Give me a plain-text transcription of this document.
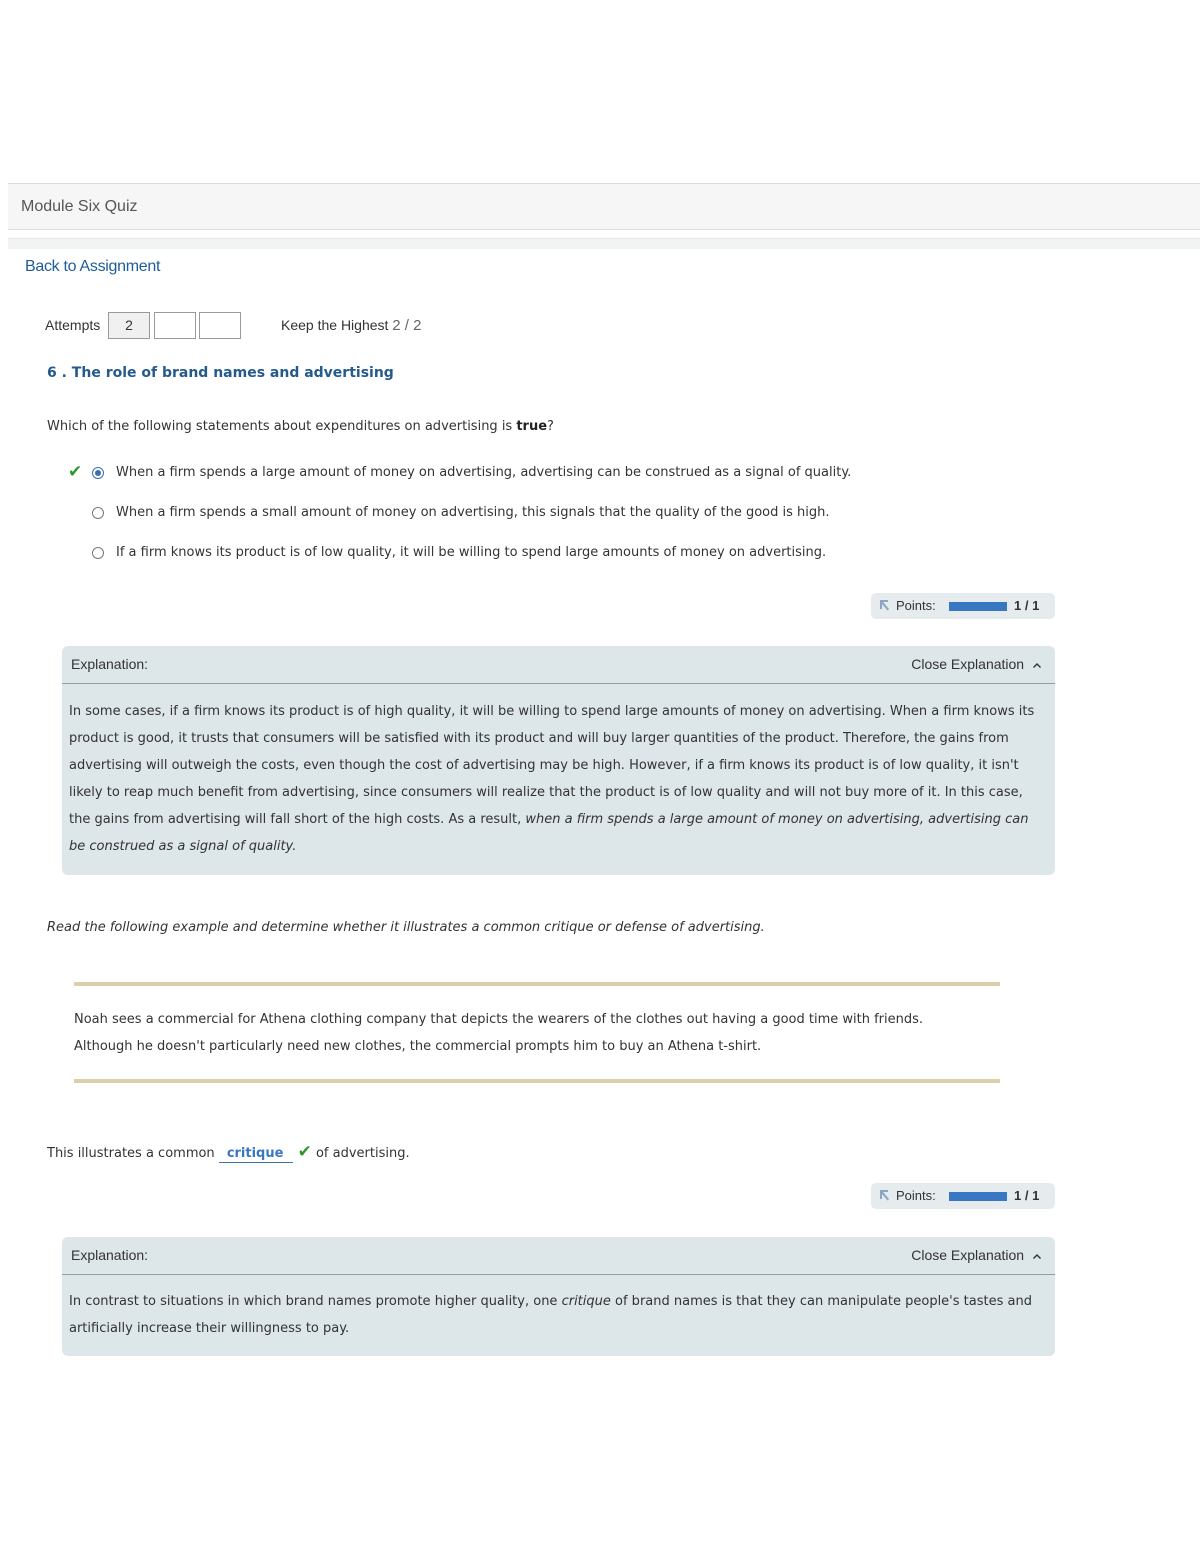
Module Six Quiz
Back to Assignment
Attempts	2	Keep the Highest 2 / 2
6 . The role of brand names and advertising
Which of the following statements about expenditures on advertising is true?
✔	When a firm spends a large amount of money on advertising, advertising can be construed as a signal of quality.
When a firm spends a small amount of money on advertising, this signals that the quality of the good is high.
If a firm knows its product is of low quality, it will be willing to spend large amounts of money on advertising.
Points:	1 / 1
Explanation:	Close Explanation
In some cases, if a firm knows its product is of high quality, it will be willing to spend large amounts of money on advertising. When a firm knows its product is good, it trusts that consumers will be satisfied with its product and will buy larger quantities of the product. Therefore, the gains from advertising will outweigh the costs, even though the cost of advertising may be high. However, if a firm knows its product is of low quality, it isn't likely to reap much benefit from advertising, since consumers will realize that the product is of low quality and will not buy more of it. In this case, the gains from advertising will fall short of the high costs. As a result, when a firm spends a large amount of money on advertising, advertising can be construed as a signal of quality.
Read the following example and determine whether it illustrates a common critique or defense of advertising.
Noah sees a commercial for Athena clothing company that depicts the wearers of the clothes out having a good time with friends. Although he doesn't particularly need new clothes, the commercial prompts him to buy an Athena t-shirt.
This illustrates a common critique ✔ of advertising.
Points:	1 / 1
Explanation:	Close Explanation
In contrast to situations in which brand names promote higher quality, one critique of brand names is that they can manipulate people's tastes and artificially increase their willingness to pay.
